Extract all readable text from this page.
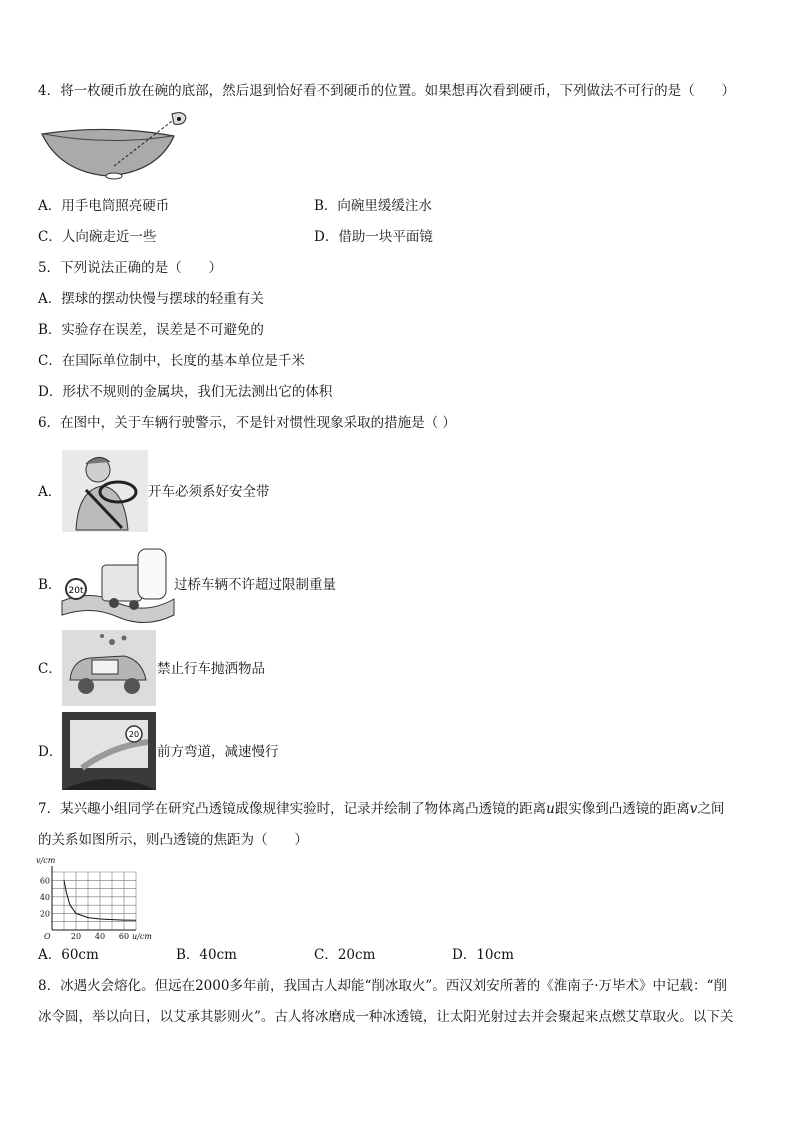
4．将一枚硬币放在碗的底部，然后退到恰好看不到硬币的位置。如果想再次看到硬币，下列做法不可行的是（　　）
A．用手电筒照亮硬币	B．向碗里缓缓注水
C．人向碗走近一些	D．借助一块平面镜
5．下列说法正确的是（　　）
A．摆球的摆动快慢与摆球的轻重有关
B．实验存在误差，误差是不可避免的
C．在国际单位制中，长度的基本单位是千米
D．形状不规则的金属块，我们无法测出它的体积
6．在图中，关于车辆行驶警示，不是针对惯性现象采取的措施是（ ）
A．	开车必须系好安全带
B． 20t	过桥车辆不许超过限制重量
C．	禁止行车抛洒物品
D．
20
前方弯道，减速慢行
7．某兴趣小组同学在研究凸透镜成像规律实验时，记录并绘制了物体离凸透镜的距离u跟实像到凸透镜的距离v之间
的关系如图所示，则凸透镜的焦距为（　　）
20 40 60
20
40
60
O	u/cm
v/cm
A．60cm	B．40cm	C．20cm	D．10cm
8．冰遇火会熔化。但远在2000多年前，我国古人却能“削冰取火”。西汉刘安所著的《淮南子·万毕术》中记载：“削
冰令圆，举以向日，以艾承其影则火”。古人将冰磨成一种冰透镜，让太阳光射过去并会聚起来点燃艾草取火。以下关
